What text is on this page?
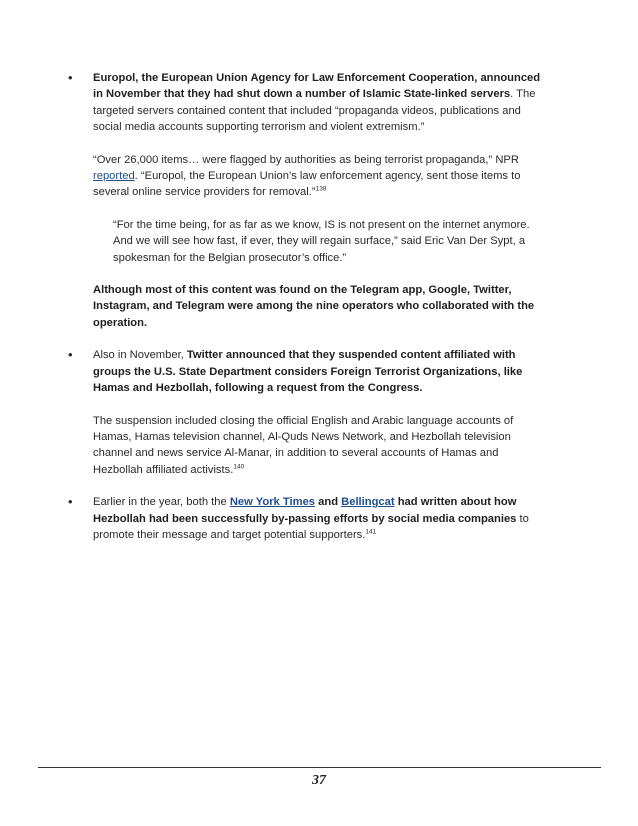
• Europol, the European Union Agency for Law Enforcement Cooperation, announced in November that they had shut down a number of Islamic State-linked servers. The targeted servers contained content that included “propaganda videos, publications and social media accounts supporting terrorism and violent extremism.”

“Over 26,000 items… were flagged by authorities as being terrorist propaganda,” NPR reported. “Europol, the European Union’s law enforcement agency, sent those items to several online service providers for removal.”$^{138}$

“For the time being, for as far as we know, IS is not present on the internet anymore. And we will see how fast, if ever, they will regain surface,” said Eric Van Der Sypt, a spokesman for the Belgian prosecutor’s office.”

Although most of this content was found on the Telegram app, Google, Twitter, Instagram, and Telegram were among the nine operators who collaborated with the operation.

• Also in November, Twitter announced that they suspended content affiliated with groups the U.S. State Department considers Foreign Terrorist Organizations, like Hamas and Hezbollah, following a request from the Congress.

The suspension included closing the official English and Arabic language accounts of Hamas, Hamas television channel, Al-Quds News Network, and Hezbollah television channel and news service Al-Manar, in addition to several accounts of Hamas and Hezbollah affiliated activists.$^{140}$

• Earlier in the year, both the New York Times and Bellingcat had written about how Hezbollah had been successfully by-passing efforts by social media companies to promote their message and target potential supporters.$^{141}$

37
